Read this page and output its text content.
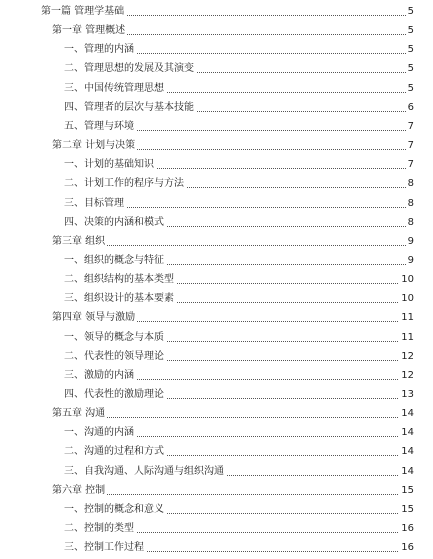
第一篇 管理学基础	5
第一章 管理概述	5
一、管理的内涵	5
二、管理思想的发展及其演变	5
三、中国传统管理思想	5
四、管理者的层次与基本技能	6
五、管理与环境	7
第二章 计划与决策	7
一、计划的基础知识	7
二、计划工作的程序与方法	8
三、目标管理	8
四、决策的内涵和模式	8
第三章 组织	9
一、组织的概念与特征	9
二、组织结构的基本类型	10
三、组织设计的基本要素	10
第四章 领导与激励	11
一、领导的概念与本质	11
二、代表性的领导理论	12
三、激励的内涵	12
四、代表性的激励理论	13
第五章 沟通	14
一、沟通的内涵	14
二、沟通的过程和方式	14
三、自我沟通、人际沟通与组织沟通	14
第六章 控制	15
一、控制的概念和意义	15
二、控制的类型	16
三、控制工作过程	16
